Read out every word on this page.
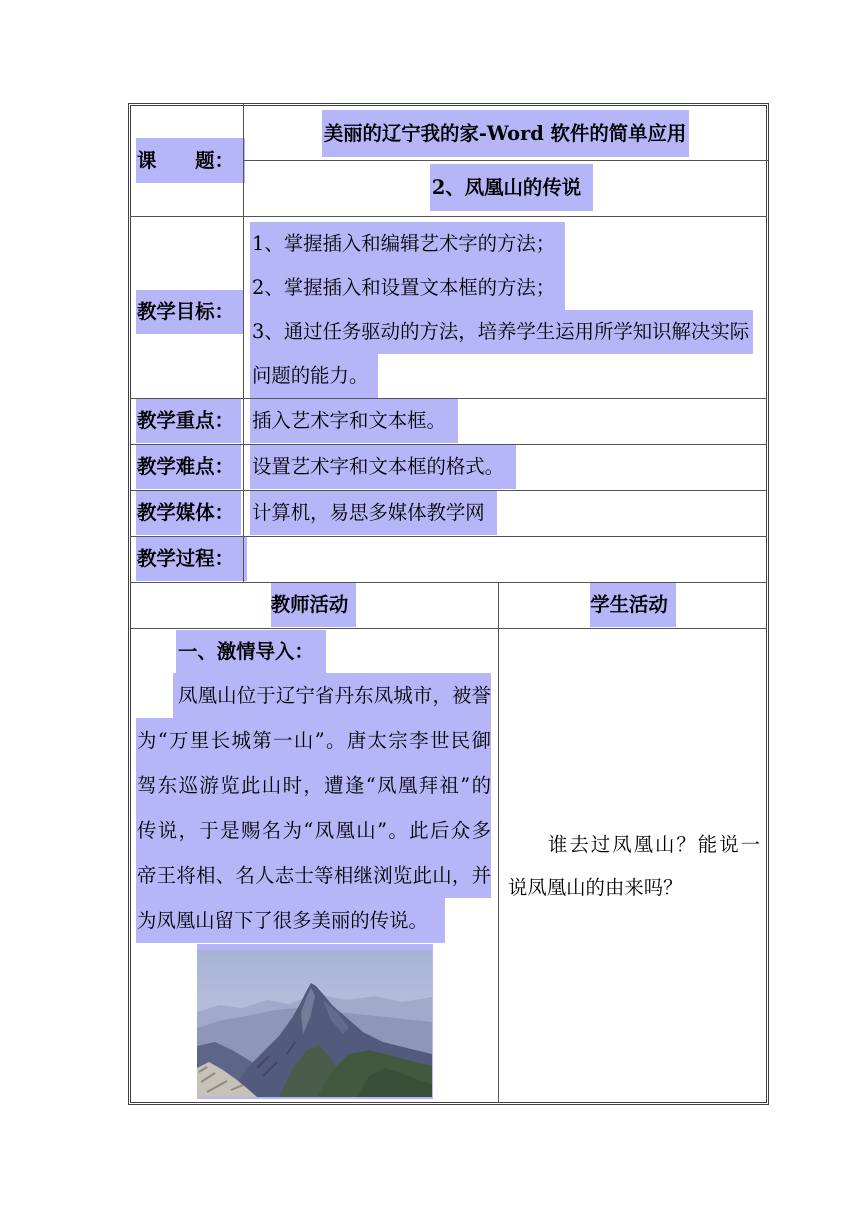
课　　题：
美丽的辽宁我的家-Word 软件的简单应用
2、凤凰山的传说
教学目标：
1、掌握插入和编辑艺术字的方法；
2、掌握插入和设置文本框的方法；
3、通过任务驱动的方法，培养学生运用所学知识解决实际
问题的能力。
教学重点： 插入艺术字和文本框。
教学难点： 设置艺术字和文本框的格式。
教学媒体： 计算机，易思多媒体教学网
教学过程：
教师活动	学生活动
一、激情导入：
凤凰山位于辽宁省丹东凤城市，被誉
为“万里长城第一山”。唐太宗李世民御
驾东巡游览此山时，遭逢“凤凰拜祖”的
传说，于是赐名为“凤凰山”。此后众多
帝王将相、名人志士等相继浏览此山，并
为凤凰山留下了很多美丽的传说。
谁去过凤凰山？能说一
说凤凰山的由来吗？
